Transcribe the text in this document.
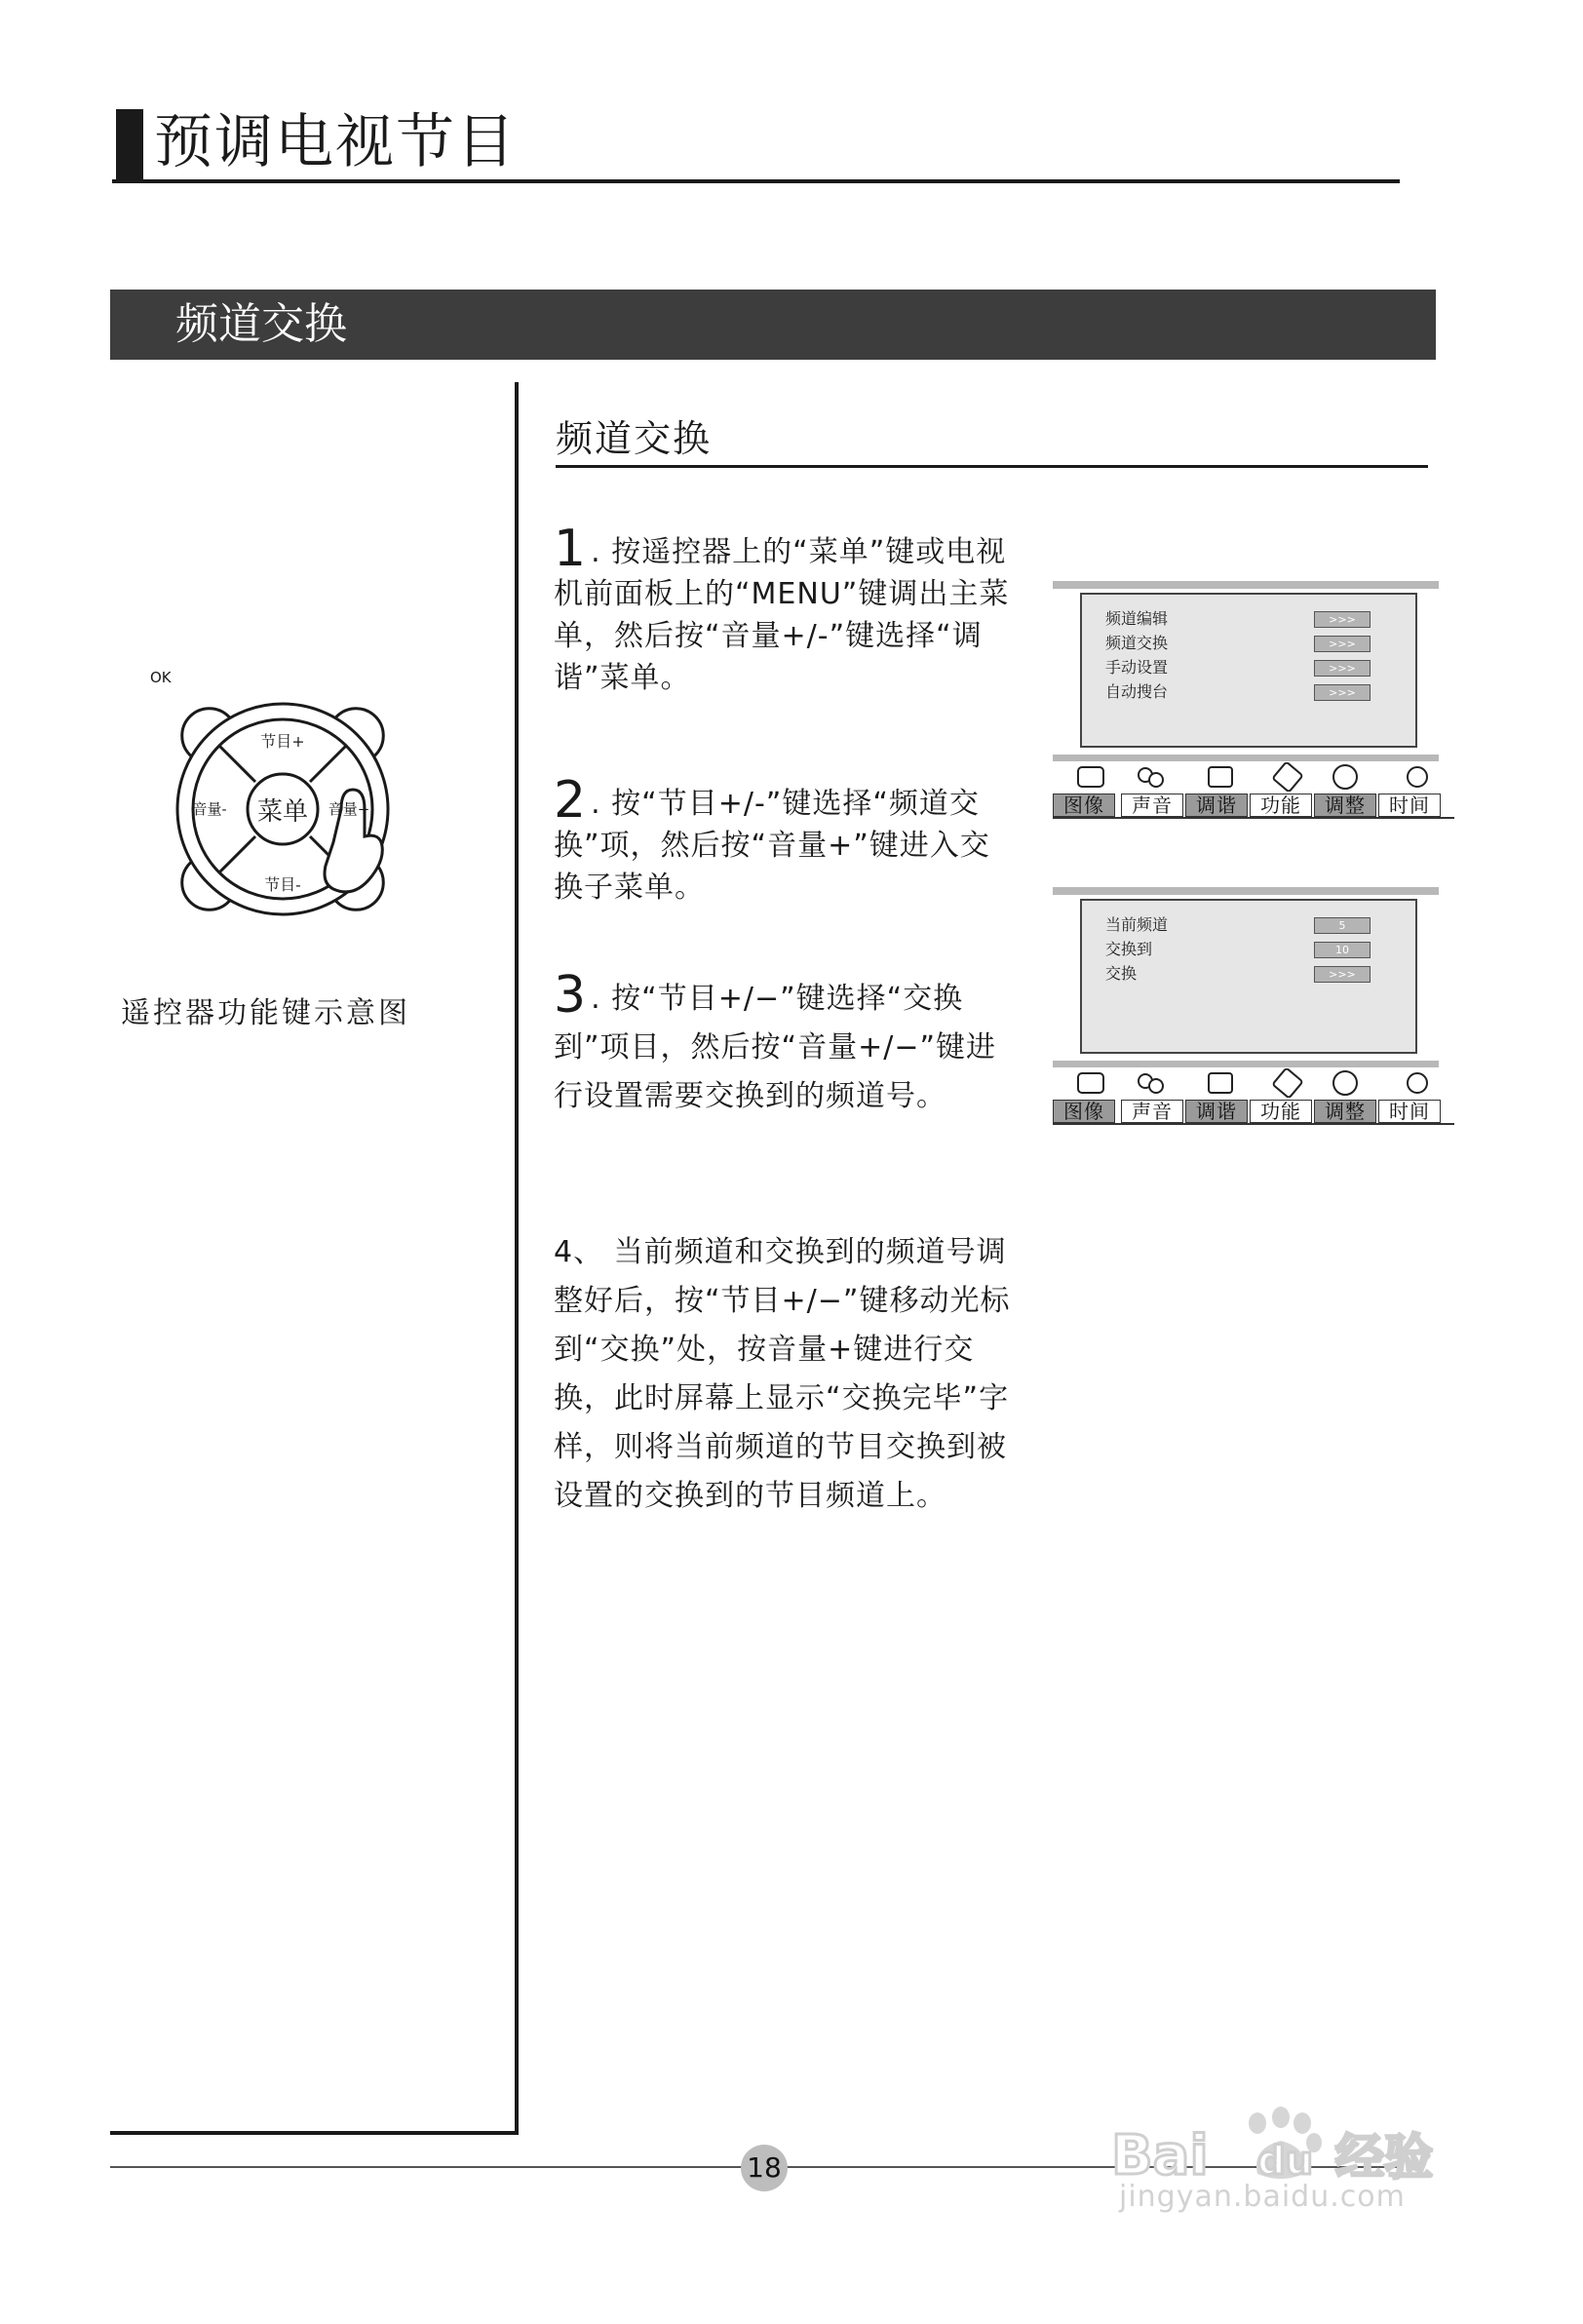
预调电视节目
频道交换
OK
菜单
节目+
节目-
音量-	音量+
遥控器功能键示意图
频道交换

1 . 按遥控器上的“菜单”键或电视机前面板上的“MENU”键调出主菜单，然后按“音量+/-”键选择“调谐”菜单。

2 . 按“节目+/-”键选择“频道交换”项，然后按“音量+”键进入交换子菜单。

3 . 按“节目+/−”键选择“交换到”项目，然后按“音量+/−”键进行设置需要交换到的频道号。

4、 当前频道和交换到的频道号调整好后，按“节目+/−”键移动光标到“交换”处，按音量+键进行交换，此时屏幕上显示“交换完毕”字样，则将当前频道的节目交换到被设置的交换到的节目频道上。

频道编辑	>>>
频道交换	>>>
手动设置	>>>
自动搜台	>>>
图像	声音	调谐	功能	调整	时间
当前频道	5
交换到	10
交换	>>>
图像	声音	调谐	功能	调整	时间
18	Bai du 经验
jingyan.baidu.com
